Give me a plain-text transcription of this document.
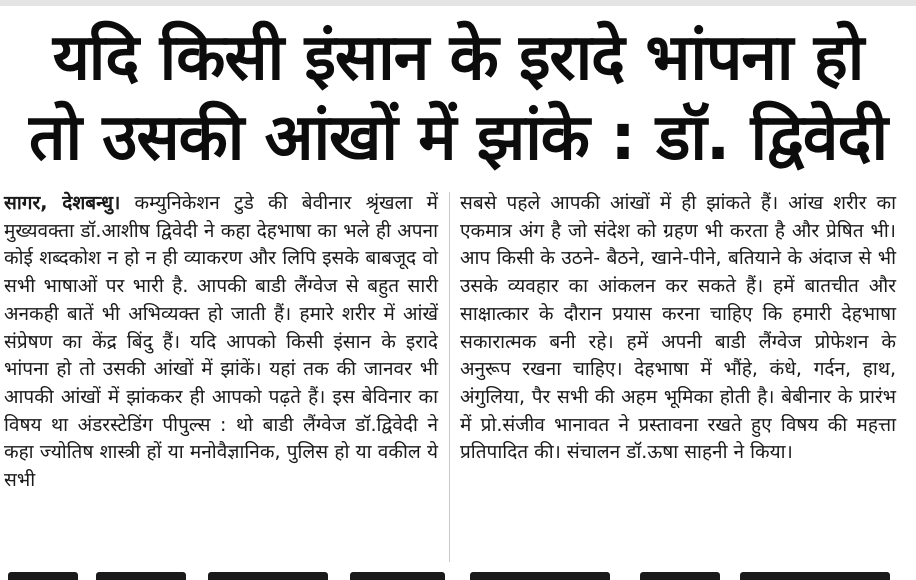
यदि किसी इंसान के इरादे भांपना हो
तो उसकी आंखों में झांके : डॉ. द्विवेदी

सागर, देशबन्धु। कम्युनिकेशन टुडे की बेवीनार श्रृंखला में मुख्यवक्ता डॉ.आशीष द्विवेदी ने कहा देहभाषा का भले ही अपना कोई शब्दकोश न हो न ही व्याकरण और लिपि इसके बाबजूद वो सभी भाषाओं पर भारी है. आपकी बाडी लैंग्वेज से बहुत सारी अनकही बातें भी अभिव्यक्त हो जाती हैं। हमारे शरीर में आंखें संप्रेषण का केंद्र बिंदु हैं। यदि आपको किसी इंसान के इरादे भांपना हो तो उसकी आंखों में झांकें। यहां तक की जानवर भी आपकी आंखों में झांककर ही आपको पढ़ते हैं। इस बेविनार का विषय था अंडरस्टेडिंग पीपुल्स : थो बाडी लैंग्वेज डॉ.द्विवेदी ने कहा ज्योतिष शास्त्री हों या मनोवैज्ञानिक, पुलिस हो या वकील ये सभी

सबसे पहले आपकी आंखों में ही झांकते हैं। आंख शरीर का एकमात्र अंग है जो संदेश को ग्रहण भी करता है और प्रेषित भी। आप किसी के उठने- बैठने, खाने-पीने, बतियाने के अंदाज से भी उसके व्यवहार का आंकलन कर सकते हैं। हमें बातचीत और साक्षात्कार के दौरान प्रयास करना चाहिए कि हमारी देहभाषा सकारात्मक बनी रहे। हमें अपनी बाडी लैंग्वेज प्रोफेशन के अनुरूप रखना चाहिए। देहभाषा में भौंहे, कंधे, गर्दन, हाथ, अंगुलिया, पैर सभी की अहम भूमिका होती है। बेबीनार के प्रारंभ में प्रो.संजीव भानावत ने प्रस्तावना रखते हुए विषय की महत्ता प्रतिपादित की। संचालन डॉ.ऊषा साहनी ने किया।
